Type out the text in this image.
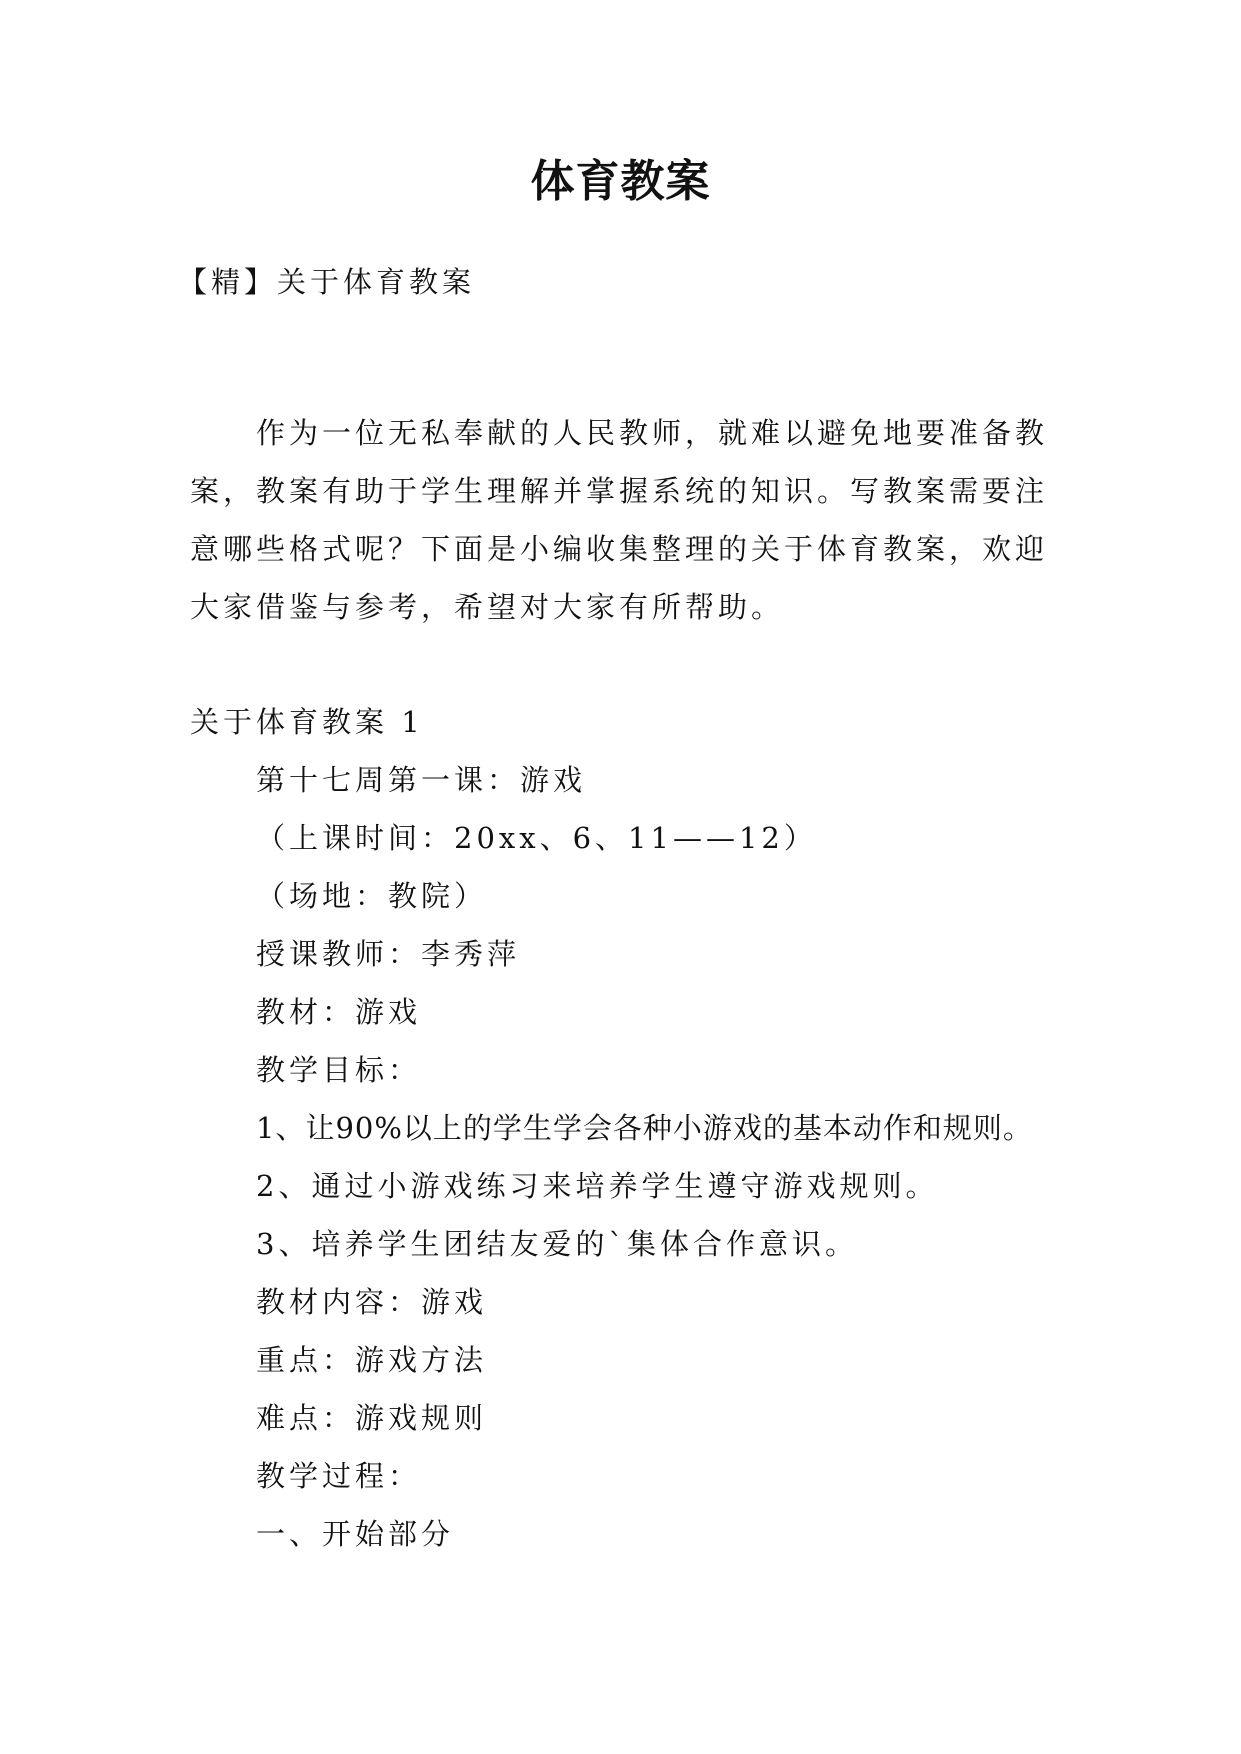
体育教案
【精】关于体育教案
作为一位无私奉献的人民教师，就难以避免地要准备教案，教案有助于学生理解并掌握系统的知识。写教案需要注意哪些格式呢？下面是小编收集整理的关于体育教案，欢迎大家借鉴与参考，希望对大家有所帮助。
关于体育教案 1
第十七周第一课：游戏
（上课时间：20xx、6、11——12）
（场地：教院）
授课教师：李秀萍
教材：游戏
教学目标：
1、让90%以上的学生学会各种小游戏的基本动作和规则。
2、通过小游戏练习来培养学生遵守游戏规则。
3、培养学生团结友爱的`集体合作意识。
教材内容：游戏
重点：游戏方法
难点：游戏规则
教学过程：
一、开始部分
